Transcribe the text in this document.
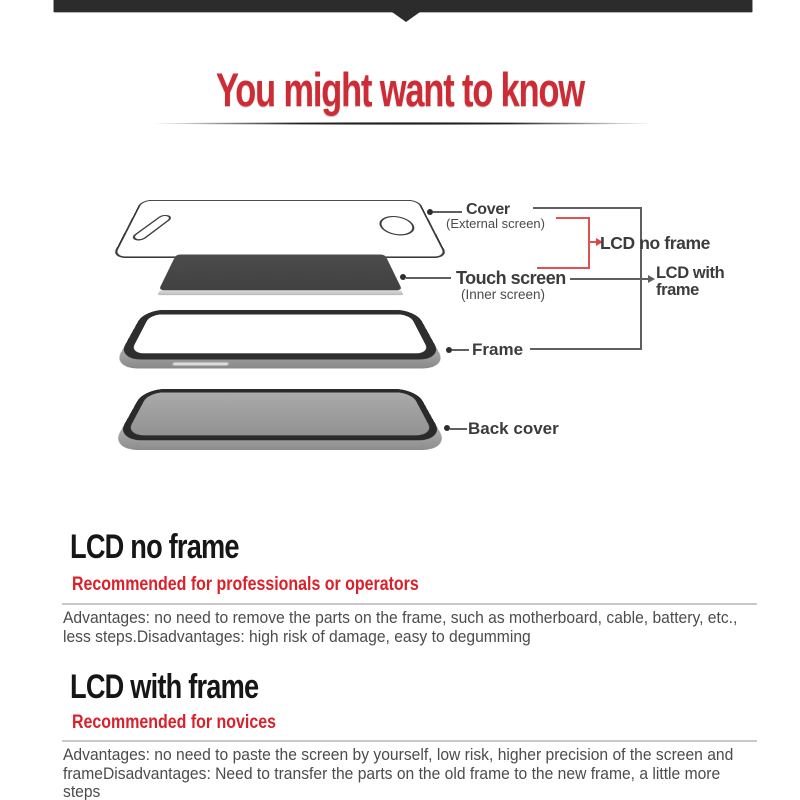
You might want to know
Cover
(External screen)
LCD no frame
Touch screen
(Inner screen)
LCD with frame
Frame
Back cover
LCD no frame
Recommended for professionals or operators
Advantages: no need to remove the parts on the frame, such as motherboard, cable, battery, etc., less steps.Disadvantages: high risk of damage, easy to degumming
LCD with frame
Recommended for novices
Advantages: no need to paste the screen by yourself, low risk, higher precision of the screen and frameDisadvantages: Need to transfer the parts on the old frame to the new frame, a little more steps
